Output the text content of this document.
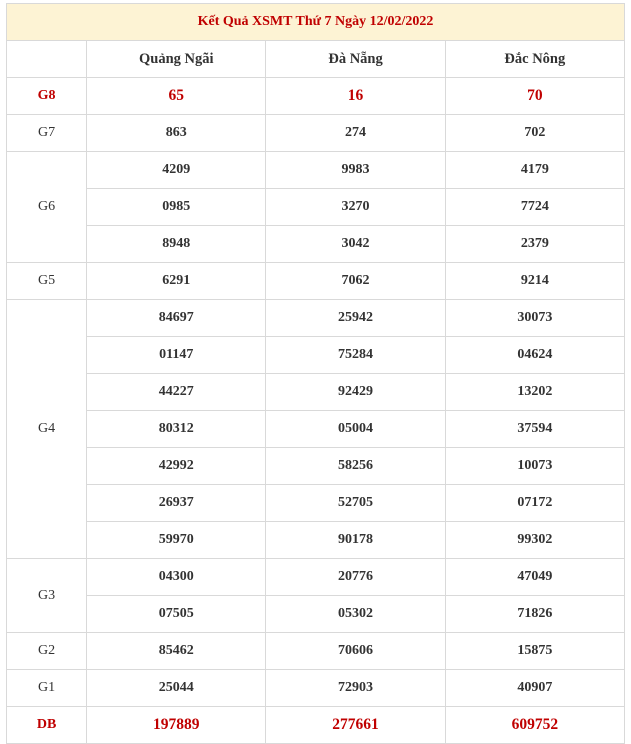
Kết Quả XSMT Thứ 7 Ngày 12/02/2022			
	Quảng Ngãi	Đà Nẵng	Đắc Nông
G8	65	16	70
G7	863	274	702
G6	4209	9983	4179
	0985	3270	7724
	8948	3042	2379
G5	6291	7062	9214
G4	84697	25942	30073
	01147	75284	04624
	44227	92429	13202
	80312	05004	37594
	42992	58256	10073
	26937	52705	07172
	59970	90178	99302
G3	04300	20776	47049
	07505	05302	71826
G2	85462	70606	15875
G1	25044	72903	40907
DB	197889	277661	609752
